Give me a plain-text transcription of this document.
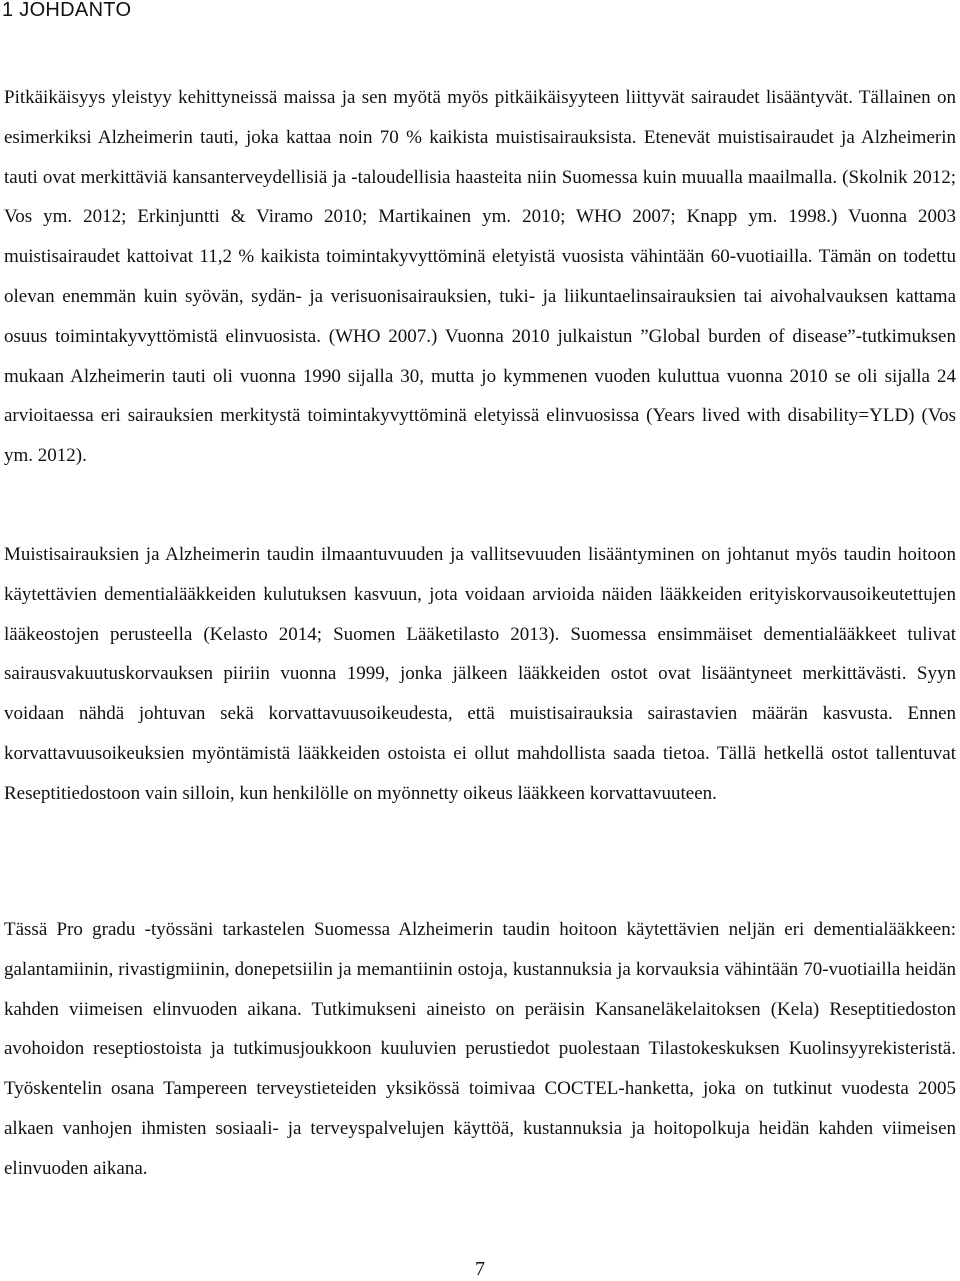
1 JOHDANTO

Pitkäikäisyys yleistyy kehittyneissä maissa ja sen myötä myös pitkäikäisyyteen liittyvät sairaudet lisääntyvät. Tällainen on esimerkiksi Alzheimerin tauti, joka kattaa noin 70 % kaikista muistisairauksista. Etenevät muistisairaudet ja Alzheimerin tauti ovat merkittäviä kansanterveydellisiä ja -taloudellisia haasteita niin Suomessa kuin muualla maailmalla. (Skolnik 2012; Vos ym. 2012; Erkinjuntti & Viramo 2010; Martikainen ym. 2010; WHO 2007; Knapp ym. 1998.) Vuonna 2003 muistisairaudet kattoivat 11,2 % kaikista toimintakyvyttöminä eletyistä vuosista vähintään 60-vuotiailla. Tämän on todettu olevan enemmän kuin syövän, sydän- ja verisuonisairauksien, tuki- ja liikuntaelinsairauksien tai aivohalvauksen kattama osuus toimintakyvyttömistä elinvuosista. (WHO 2007.) Vuonna 2010 julkaistun ”Global burden of disease”-tutkimuksen mukaan Alzheimerin tauti oli vuonna 1990 sijalla 30, mutta jo kymmenen vuoden kuluttua vuonna 2010 se oli sijalla 24 arvioitaessa eri sairauksien merkitystä toimintakyvyttöminä eletyissä elinvuosissa (Years lived with disability=YLD) (Vos ym. 2012).

Muistisairauksien ja Alzheimerin taudin ilmaantuvuuden ja vallitsevuuden lisääntyminen on johtanut myös taudin hoitoon käytettävien dementialääkkeiden kulutuksen kasvuun, jota voidaan arvioida näiden lääkkeiden erityiskorvausoikeutettujen lääkeostojen perusteella (Kelasto 2014; Suomen Lääketilasto 2013). Suomessa ensimmäiset dementialääkkeet tulivat sairausvakuutuskorvauksen piiriin vuonna 1999, jonka jälkeen lääkkeiden ostot ovat lisääntyneet merkittävästi. Syyn voidaan nähdä johtuvan sekä korvattavuusoikeudesta, että muistisairauksia sairastavien määrän kasvusta. Ennen korvattavuusoikeuksien myöntämistä lääkkeiden ostoista ei ollut mahdollista saada tietoa. Tällä hetkellä ostot tallentuvat Reseptitiedostoon vain silloin, kun henkilölle on myönnetty oikeus lääkkeen korvattavuuteen.

Tässä Pro gradu -työssäni tarkastelen Suomessa Alzheimerin taudin hoitoon käytettävien neljän eri dementialääkkeen: galantamiinin, rivastigmiinin, donepetsiilin ja memantiinin ostoja, kustannuksia ja korvauksia vähintään 70-vuotiailla heidän kahden viimeisen elinvuoden aikana. Tutkimukseni aineisto on peräisin Kansaneläkelaitoksen (Kela) Reseptitiedoston avohoidon reseptiostoista ja tutkimusjoukkoon kuuluvien perustiedot puolestaan Tilastokeskuksen Kuolinsyyrekisteristä. Työskentelin osana Tampereen terveystieteiden yksikössä toimivaa COCTEL-hanketta, joka on tutkinut vuodesta 2005 alkaen vanhojen ihmisten sosiaali- ja terveyspalvelujen käyttöä, kustannuksia ja hoitopolkuja heidän kahden viimeisen elinvuoden aikana.

7
